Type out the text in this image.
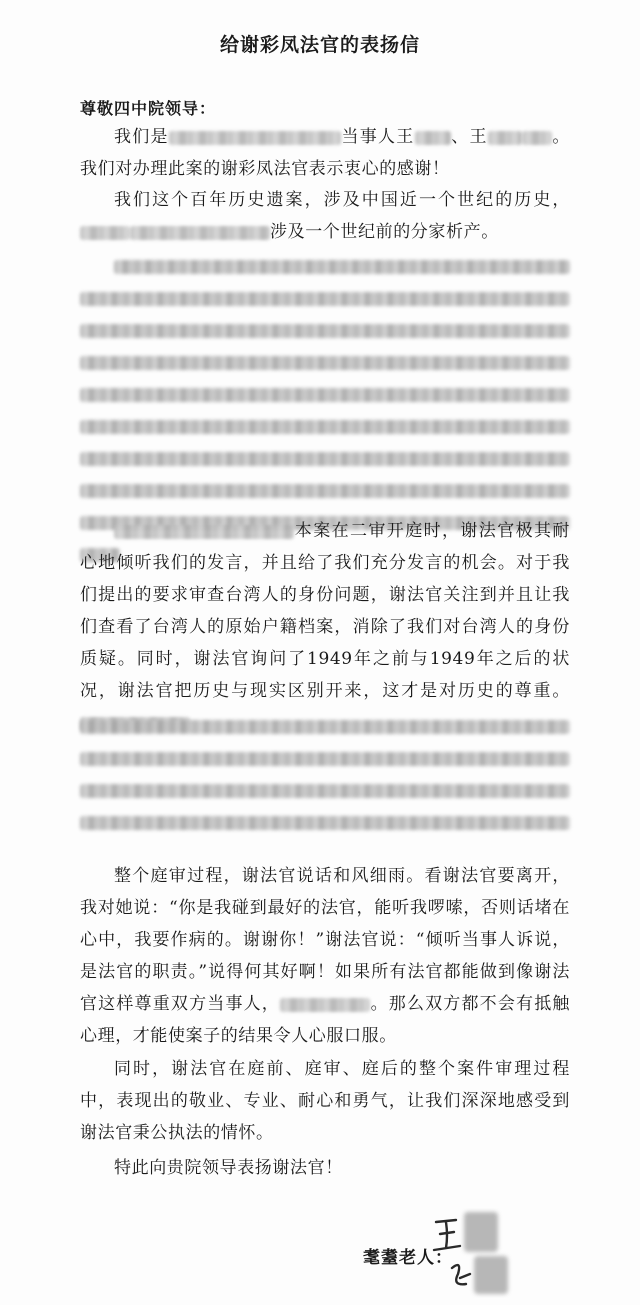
给谢彩凤法官的表扬信
尊敬四中院领导：
我们是	当事人王 、王	。我们对办理此案的谢彩凤法官表示衷心的感谢！
我们这个百年历史遗案，涉及中国近一个世纪的历史，涉及一个世纪前的分家析产。
本案在二审开庭时，谢法官极其耐心地倾听我们的发言，并且给了我们充分发言的机会。对于我们提出的要求审查台湾人的身份问题，谢法官关注到并且让我们查看了台湾人的原始户籍档案，消除了我们对台湾人的身份质疑。同时，谢法官询问了1949年之前与1949年之后的状况，谢法官把历史与现实区别开来，这才是对历史的尊重。
整个庭审过程，谢法官说话和风细雨。看谢法官要离开，我对她说：“你是我碰到最好的法官，能听我啰嗦，否则话堵在心中，我要作病的。谢谢你！”谢法官说：“倾听当事人诉说，是法官的职责。”说得何其好啊！如果所有法官都能做到像谢法官这样尊重双方当事人，	。那么双方都不会有抵触心理，才能使案子的结果令人心服口服。
同时，谢法官在庭前、庭审、庭后的整个案件审理过程中，表现出的敬业、专业、耐心和勇气，让我们深深地感受到谢法官秉公执法的情怀。
特此向贵院领导表扬谢法官！
耄耋老人：
